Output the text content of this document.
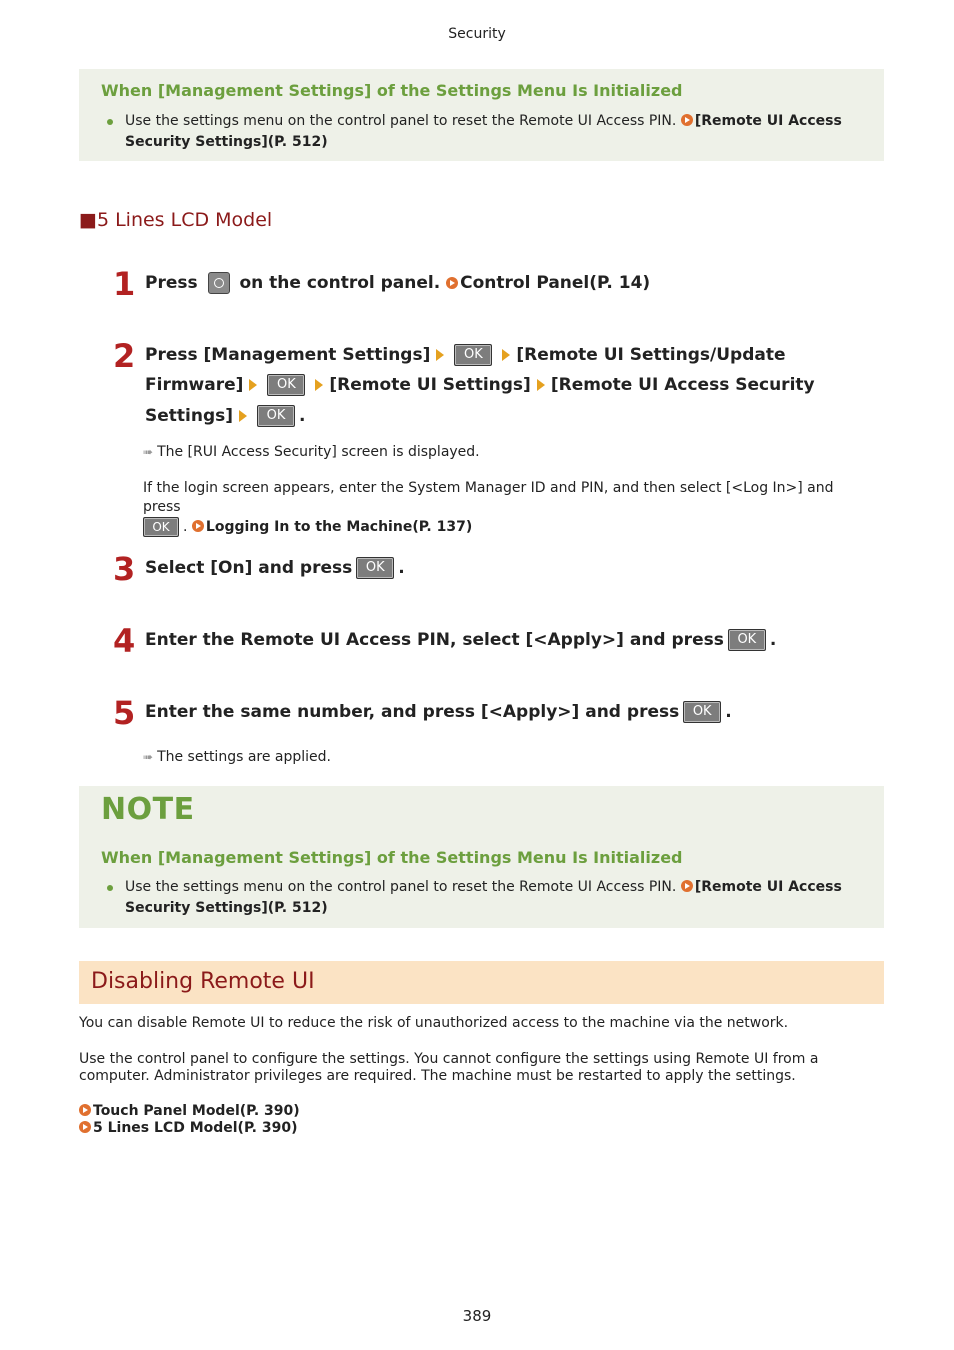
Security
When [Management Settings] of the Settings Menu Is Initialized
Use the settings menu on the control panel to reset the Remote UI Access PIN. [Remote UI Access
Security Settings](P. 512)
■5 Lines LCD Model
1 Press on the control panel. Control Panel(P. 14)
2 Press [Management Settings]	OK [Remote UI Settings/Update
Firmware]	OK [Remote UI Settings] [Remote UI Access Security
Settings]	OK .
➠ The [RUI Access Security] screen is displayed.
If the login screen appears, enter the System Manager ID and PIN, and then select [<Log In>] and press
OK . Logging In to the Machine(P. 137)
3 Select [On] and press OK .
4 Enter the Remote UI Access PIN, select [<Apply>] and press OK .
5 Enter the same number, and press [<Apply>] and press OK .
➠ The settings are applied.
NOTE
When [Management Settings] of the Settings Menu Is Initialized
Use the settings menu on the control panel to reset the Remote UI Access PIN. [Remote UI Access
Security Settings](P. 512)
Disabling Remote UI
You can disable Remote UI to reduce the risk of unauthorized access to the machine via the network.
Use the control panel to configure the settings. You cannot configure the settings using Remote UI from a computer. Administrator privileges are required. The machine must be restarted to apply the settings.
Touch Panel Model(P. 390)
5 Lines LCD Model(P. 390)
389
